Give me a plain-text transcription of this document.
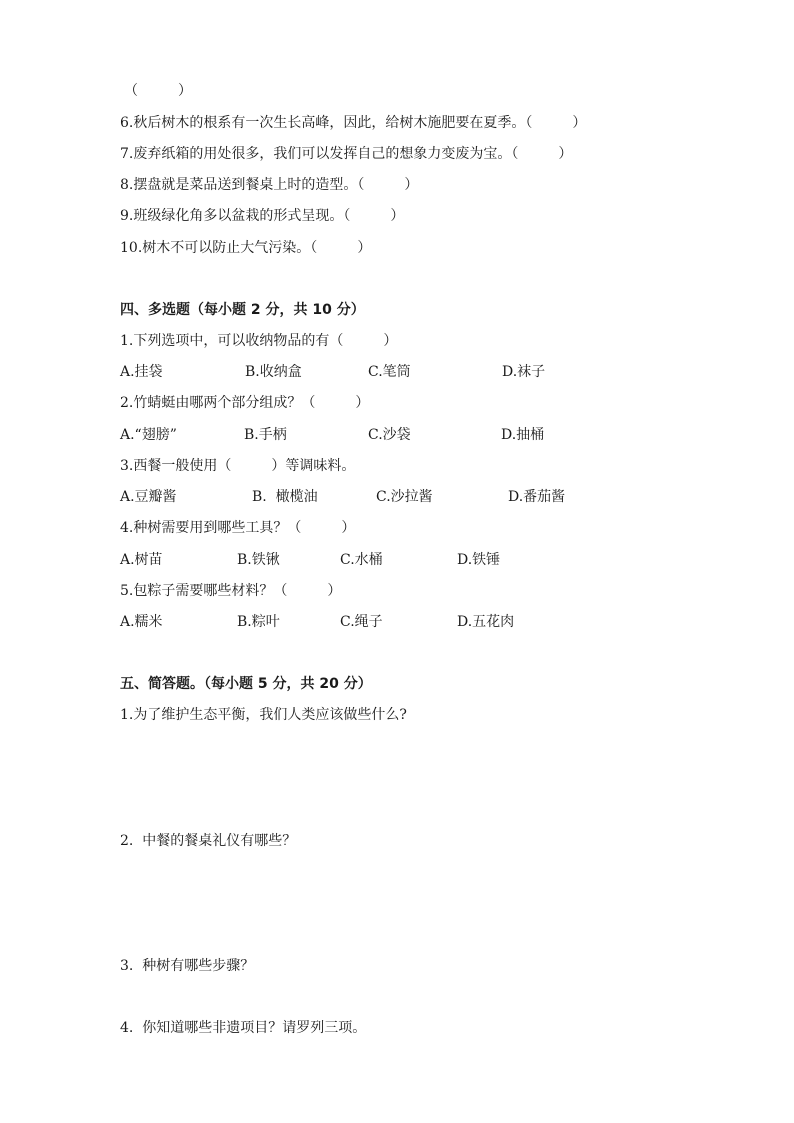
（         ）
6.秋后树木的根系有一次生长高峰，因此，给树木施肥要在夏季。（         ）
7.废弃纸箱的用处很多，我们可以发挥自己的想象力变废为宝。（         ）
8.摆盘就是菜品送到餐桌上时的造型。（         ）
9.班级绿化角多以盆栽的形式呈现。（         ）
10.树木不可以防止大气污染。（         ）
四、多选题（每小题 2 分，共 10 分）
1.下列选项中，可以收纳物品的有（         ）
A.挂袋	B.收纳盒	C.笔筒	D.袜子
2.竹蜻蜓由哪两个部分组成？（         ）
A.“翅膀”	B.手柄	C.沙袋	D.抽桶
3.西餐一般使用（         ）等调味料。
A.豆瓣酱	B.  橄榄油	C.沙拉酱	D.番茄酱
4.种树需要用到哪些工具？（         ）
A.树苗	B.铁锹	C.水桶	D.铁锤
5.包粽子需要哪些材料？（         ）
A.糯米	B.粽叶	C.绳子	D.五花肉
五、简答题。（每小题 5 分，共 20 分）
1.为了维护生态平衡，我们人类应该做些什么?
2.  中餐的餐桌礼仪有哪些？
3.  种树有哪些步骤？
4.  你知道哪些非遗项目？请罗列三项。
